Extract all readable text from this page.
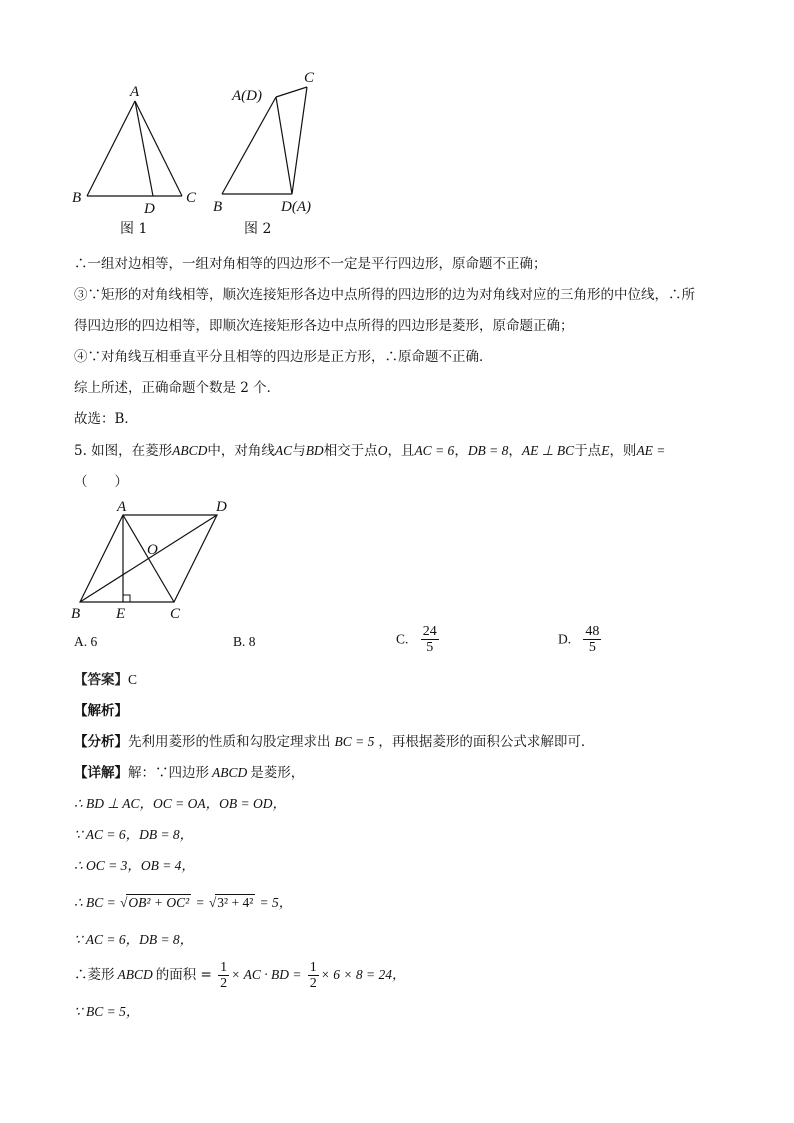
A
B	C
D
图 1
A(D)
B
C
D(A)
图 2
∴一组对边相等，一组对角相等的四边形不一定是平行四边形，原命题不正确；
③∵矩形的对角线相等，顺次连接矩形各边中点所得的四边形的边为对角线对应的三角形的中位线，∴所
得四边形的四边相等，即顺次连接矩形各边中点所得的四边形是菱形，原命题正确；
④∵对角线互相垂直平分且相等的四边形是正方形，∴原命题不正确．
综上所述，正确命题个数是 2 个．
故选：B．
5. 如图，在菱形ABCD中，对角线AC与BD相交于点O，且AC = 6，DB = 8，AE ⊥ BC于点E，则AE =
（　　）
A	D
O
B E	C
A. 6	B. 8	C. $\frac{24}{5}$	D. $\frac{48}{5}$
【答案】C
【解析】
【分析】先利用菱形的性质和勾股定理求出 BC = 5 ，再根据菱形的面积公式求解即可．
【详解】解：∵四边形 ABCD 是菱形，
∴ BD ⊥ AC，OC = OA，OB = OD，
∵ AC = 6，DB = 8，
∴ OC = 3，OB = 4，
∴ BC = √OB² + OC² = √3² + 4² = 5，
∵ AC = 6，DB = 8，
∴菱形 ABCD 的面积 = $\frac{1}{2}$ × AC · BD = $\frac{1}{2} \times 6 \times 8 = 24$，
∵ BC = 5，
